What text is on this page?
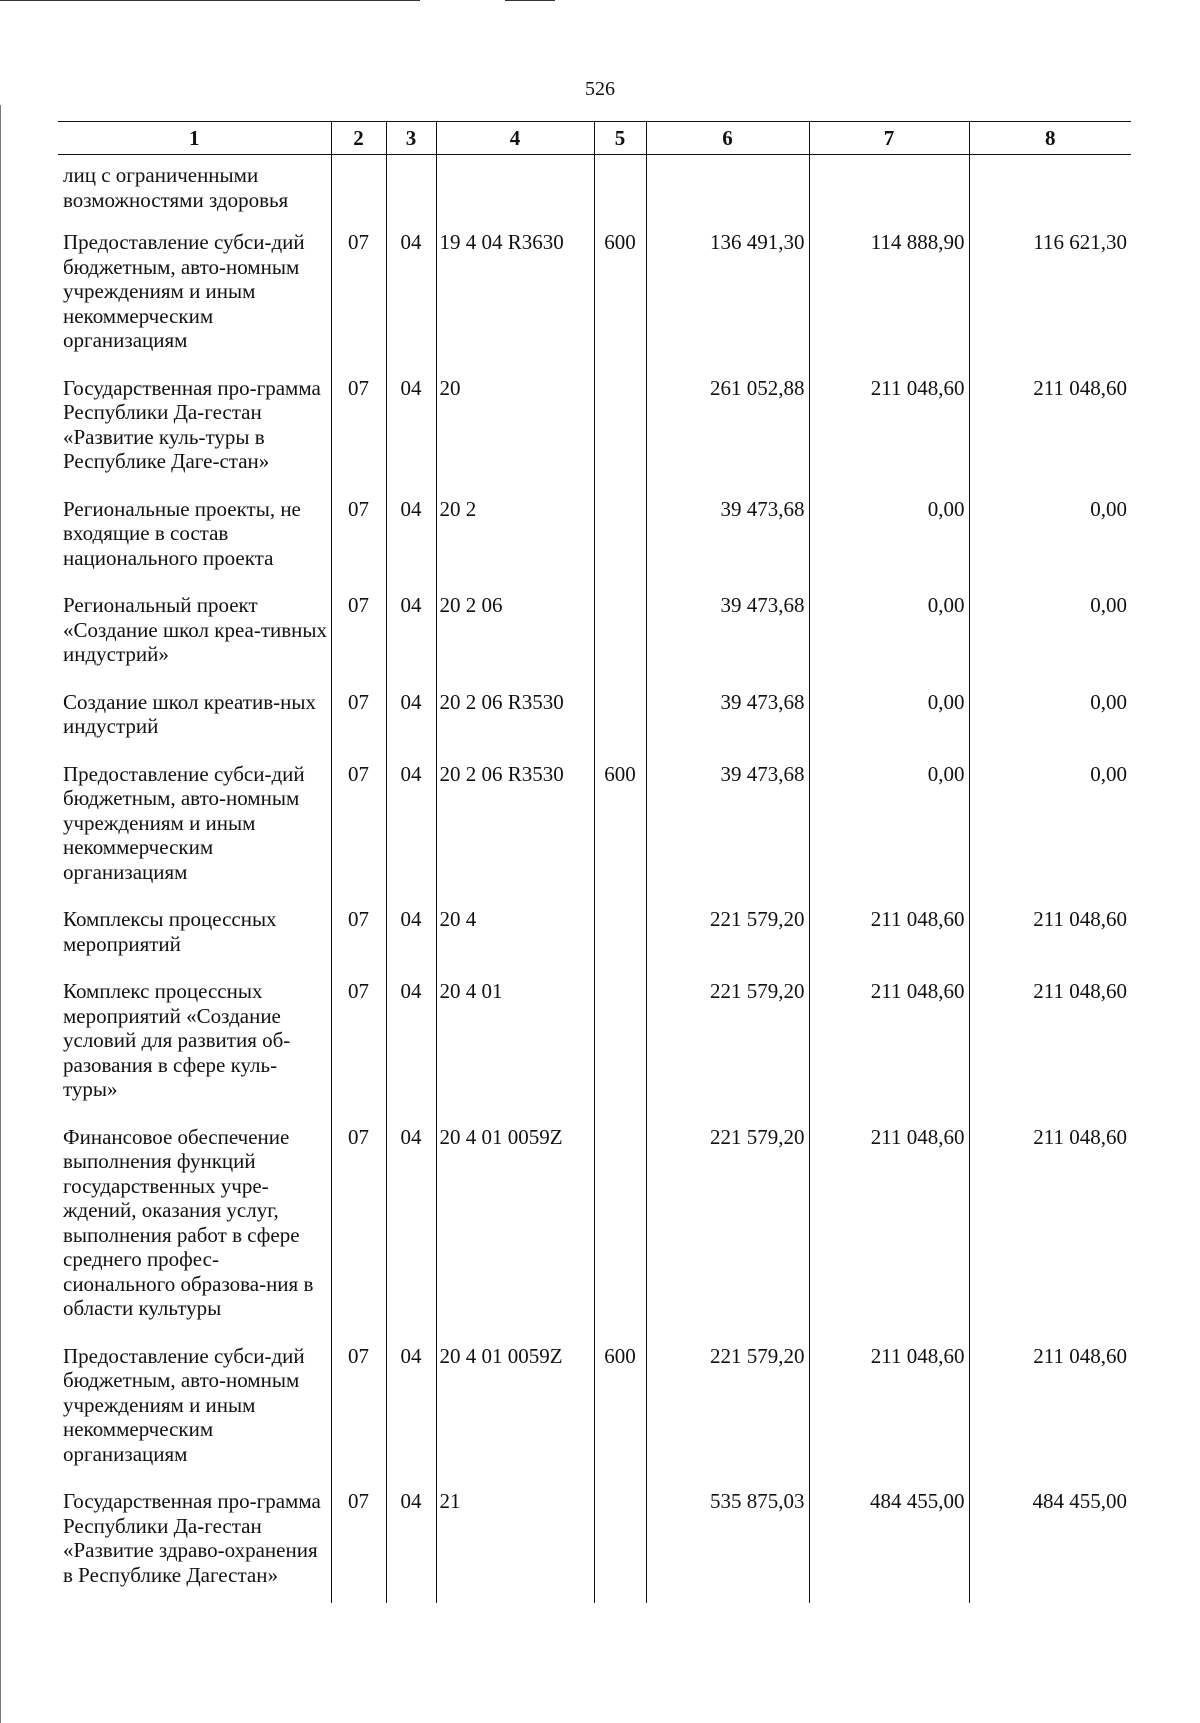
526
1	2	3	4	5	6	7	8
лиц с ограниченными возможностями здоровья							
Предоставление субси-дий бюджетным, авто-номным учреждениям и иным некоммерческим организациям	07	04	19 4 04 R3630	600	136 491,30	114 888,90	116 621,30
Государственная про-грамма Республики Да-гестан «Развитие куль-туры в Республике Даге-стан»	07	04	20		261 052,88	211 048,60	211 048,60
Региональные проекты, не входящие в состав национального проекта	07	04	20 2		39 473,68	0,00	0,00
Региональный проект «Создание школ креа-тивных индустрий»	07	04	20 2 06		39 473,68	0,00	0,00
Создание школ креатив-ных индустрий	07	04	20 2 06 R3530		39 473,68	0,00	0,00
Предоставление субси-дий бюджетным, авто-номным учреждениям и иным некоммерческим организациям	07	04	20 2 06 R3530	600	39 473,68	0,00	0,00
Комплексы процессных мероприятий	07	04	20 4		221 579,20	211 048,60	211 048,60
Комплекс процессных мероприятий «Создание условий для развития об-разования в сфере куль-туры»	07	04	20 4 01		221 579,20	211 048,60	211 048,60
Финансовое обеспечение выполнения функций государственных учре-ждений, оказания услуг, выполнения работ в сфере среднего профес-сионального образова-ния в области культуры	07	04	20 4 01 0059Z		221 579,20	211 048,60	211 048,60
Предоставление субси-дий бюджетным, авто-номным учреждениям и иным некоммерческим организациям	07	04	20 4 01 0059Z	600	221 579,20	211 048,60	211 048,60
Государственная про-грамма Республики Да-гестан «Развитие здраво-охранения в Республике Дагестан»	07	04	21		535 875,03	484 455,00	484 455,00
